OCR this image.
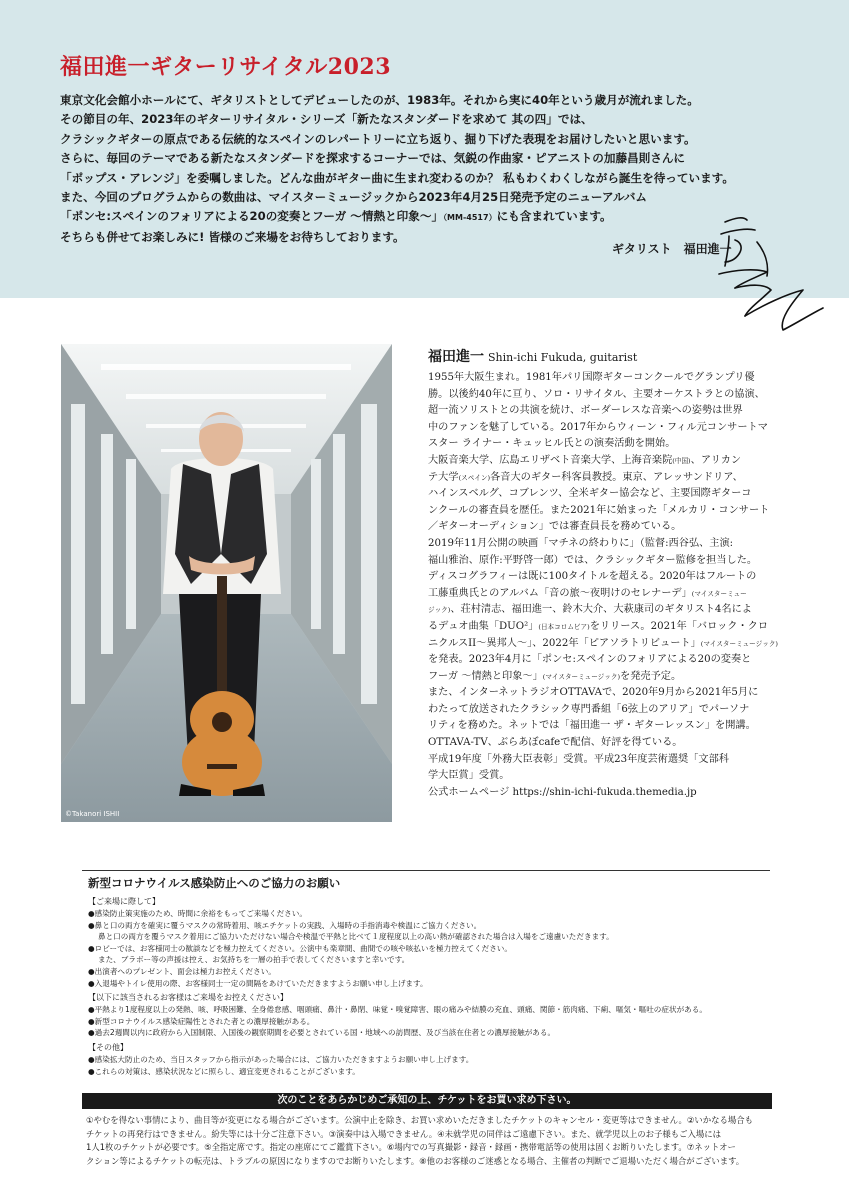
福田進一ギターリサイタル2023

東京文化会館小ホールにて、ギタリストとしてデビューしたのが、1983年。それから実に40年という歳月が流れました。

その節目の年、2023年のギターリサイタル・シリーズ「新たなスタンダードを求めて 其の四」では、

クラシックギターの原点である伝統的なスペインのレパートリーに立ち返り、掘り下げた表現をお届けしたいと思います。

さらに、毎回のテーマである新たなスタンダードを探求するコーナーでは、気鋭の作曲家・ピアニストの加藤昌則さんに

「ポップス・アレンジ」を委嘱しました。どんな曲がギター曲に生まれ変わるのか？ 私もわくわくしながら誕生を待っています。

また、今回のプログラムからの数曲は、マイスターミュージックから2023年4月25日発売予定のニューアルバム

「ポンセ:スペインのフォリアによる20の変奏とフーガ ～情熱と印象～」（MM-4517）にも含まれています。

そちらも併せてお楽しみに! 皆様のご来場をお待ちしております。

ギタリスト　福田進一
©Takanori ISHII
福田進一 Shin-ichi Fukuda, guitarist

1955年大阪生まれ。1981年パリ国際ギターコンクールでグランプリ優

勝。以後約40年に亘り、ソロ・リサイタル、主要オーケストラとの協演、

超一流ソリストとの共演を続け、ボーダーレスな音楽への姿勢は世界

中のファンを魅了している。2017年からウィーン・フィル元コンサートマ

スター ライナー・キュッヒル氏との演奏活動を開始。

大阪音楽大学、広島エリザベト音楽大学、上海音楽院(中国)、アリカン

テ大学(スペイン)各音大のギター科客員教授。東京、アレッサンドリア、

ハインスベルグ、コブレンツ、全米ギター協会など、主要国際ギターコ

ンクールの審査員を歴任。また2021年に始まった「メルカリ・コンサート

／ギターオーディション」では審査員長を務めている。

2019年11月公開の映画「マチネの終わりに」（監督:西谷弘、主演:

福山雅治、原作:平野啓一郎）では、クラシックギター監修を担当した。

ディスコグラフィーは既に100タイトルを超える。2020年はフルートの

工藤重典氏とのアルバム「音の旅～夜明けのセレナーデ」(マイスターミュー

ジック)、荘村清志、福田進一、鈴木大介、大萩康司のギタリスト4名によ

るデュオ曲集「DUO²」(日本コロムビア)をリリース。2021年「バロック・クロ

ニクルスII～異邦人～」、2022年「ピアソラトリビュート」(マイスターミュージック)

を発表。2023年4月に「ポンセ:スペインのフォリアによる20の変奏と

フーガ ～情熱と印象～」(マイスターミュージック)を発売予定。

また、インターネットラジオOTTAVAで、2020年9月から2021年5月に

わたって放送されたクラシック専門番組「6弦上のアリア」でパーソナ

リティを務めた。ネットでは「福田進一 ザ・ギターレッスン」を開講。

OTTAVA-TV、ぶらあぼcafeで配信、好評を得ている。

平成19年度「外務大臣表彰」受賞。平成23年度芸術選奨「文部科

学大臣賞」受賞。

公式ホームページ https://shin-ichi-fukuda.themedia.jp

新型コロナウイルス感染防止へのご協力のお願い

【ご来場に際して】

●感染防止策実施のため、時間に余裕をもってご来場ください。

●鼻と口の両方を確実に覆うマスクの常時着用、咳エチケットの実践、入場時の手指消毒や検温にご協力ください。

鼻と口の両方を覆うマスク着用にご協力いただけない場合や検温で平熱と比べて１度程度以上の高い熱が確認された場合は入場をご遠慮いただきます。

●ロビーでは、お客様同士の歓談などを極力控えてください。公演中も楽章間、曲間での咳や咳払いを極力控えてください。

また、ブラボー等の声援は控え、お気持ちを一層の拍手で表してくださいますと幸いです。

●出演者へのプレゼント、面会は極力お控えください。

●入退場やトイレ使用の際、お客様同士一定の間隔をあけていただきますようお願い申し上げます。

【以下に該当されるお客様はご来場をお控えください】

●平熱より1度程度以上の発熱、咳、呼吸困難、全身倦怠感、咽頭痛、鼻汁・鼻閉、味覚・嗅覚障害、眼の痛みや結膜の充血、頭痛、関節・筋肉痛、下痢、嘔気・嘔吐の症状がある。

●新型コロナウイルス感染症陽性とされた者との濃厚接触がある。

●過去2週間以内に政府から入国制限、入国後の観察期間を必要とされている国・地域への訪問歴、及び当該在住者との濃厚接触がある。

【その他】

●感染拡大防止のため、当日スタッフから指示があった場合には、ご協力いただきますようお願い申し上げます。

●これらの対策は、感染状況などに照らし、適宜変更されることがございます。

次のことをあらかじめご承知の上、チケットをお買い求め下さい。

①やむを得ない事情により、曲目等が変更になる場合がございます。公演中止を除き、お買い求めいただきましたチケットのキャンセル・変更等はできません。②いかなる場合も

チケットの再発行はできません。紛失等には十分ご注意下さい。③演奏中は入場できません。④未就学児の同伴はご遠慮下さい。また、就学児以上のお子様もご入場には

1人1枚のチケットが必要です。⑤全指定席です。指定の座席にてご鑑賞下さい。⑥場内での写真撮影・録音・録画・携帯電話等の使用は固くお断りいたします。⑦ネットオー

クション等によるチケットの転売は、トラブルの原因になりますのでお断りいたします。⑧他のお客様のご迷惑となる場合、主催者の判断でご退場いただく場合がございます。
